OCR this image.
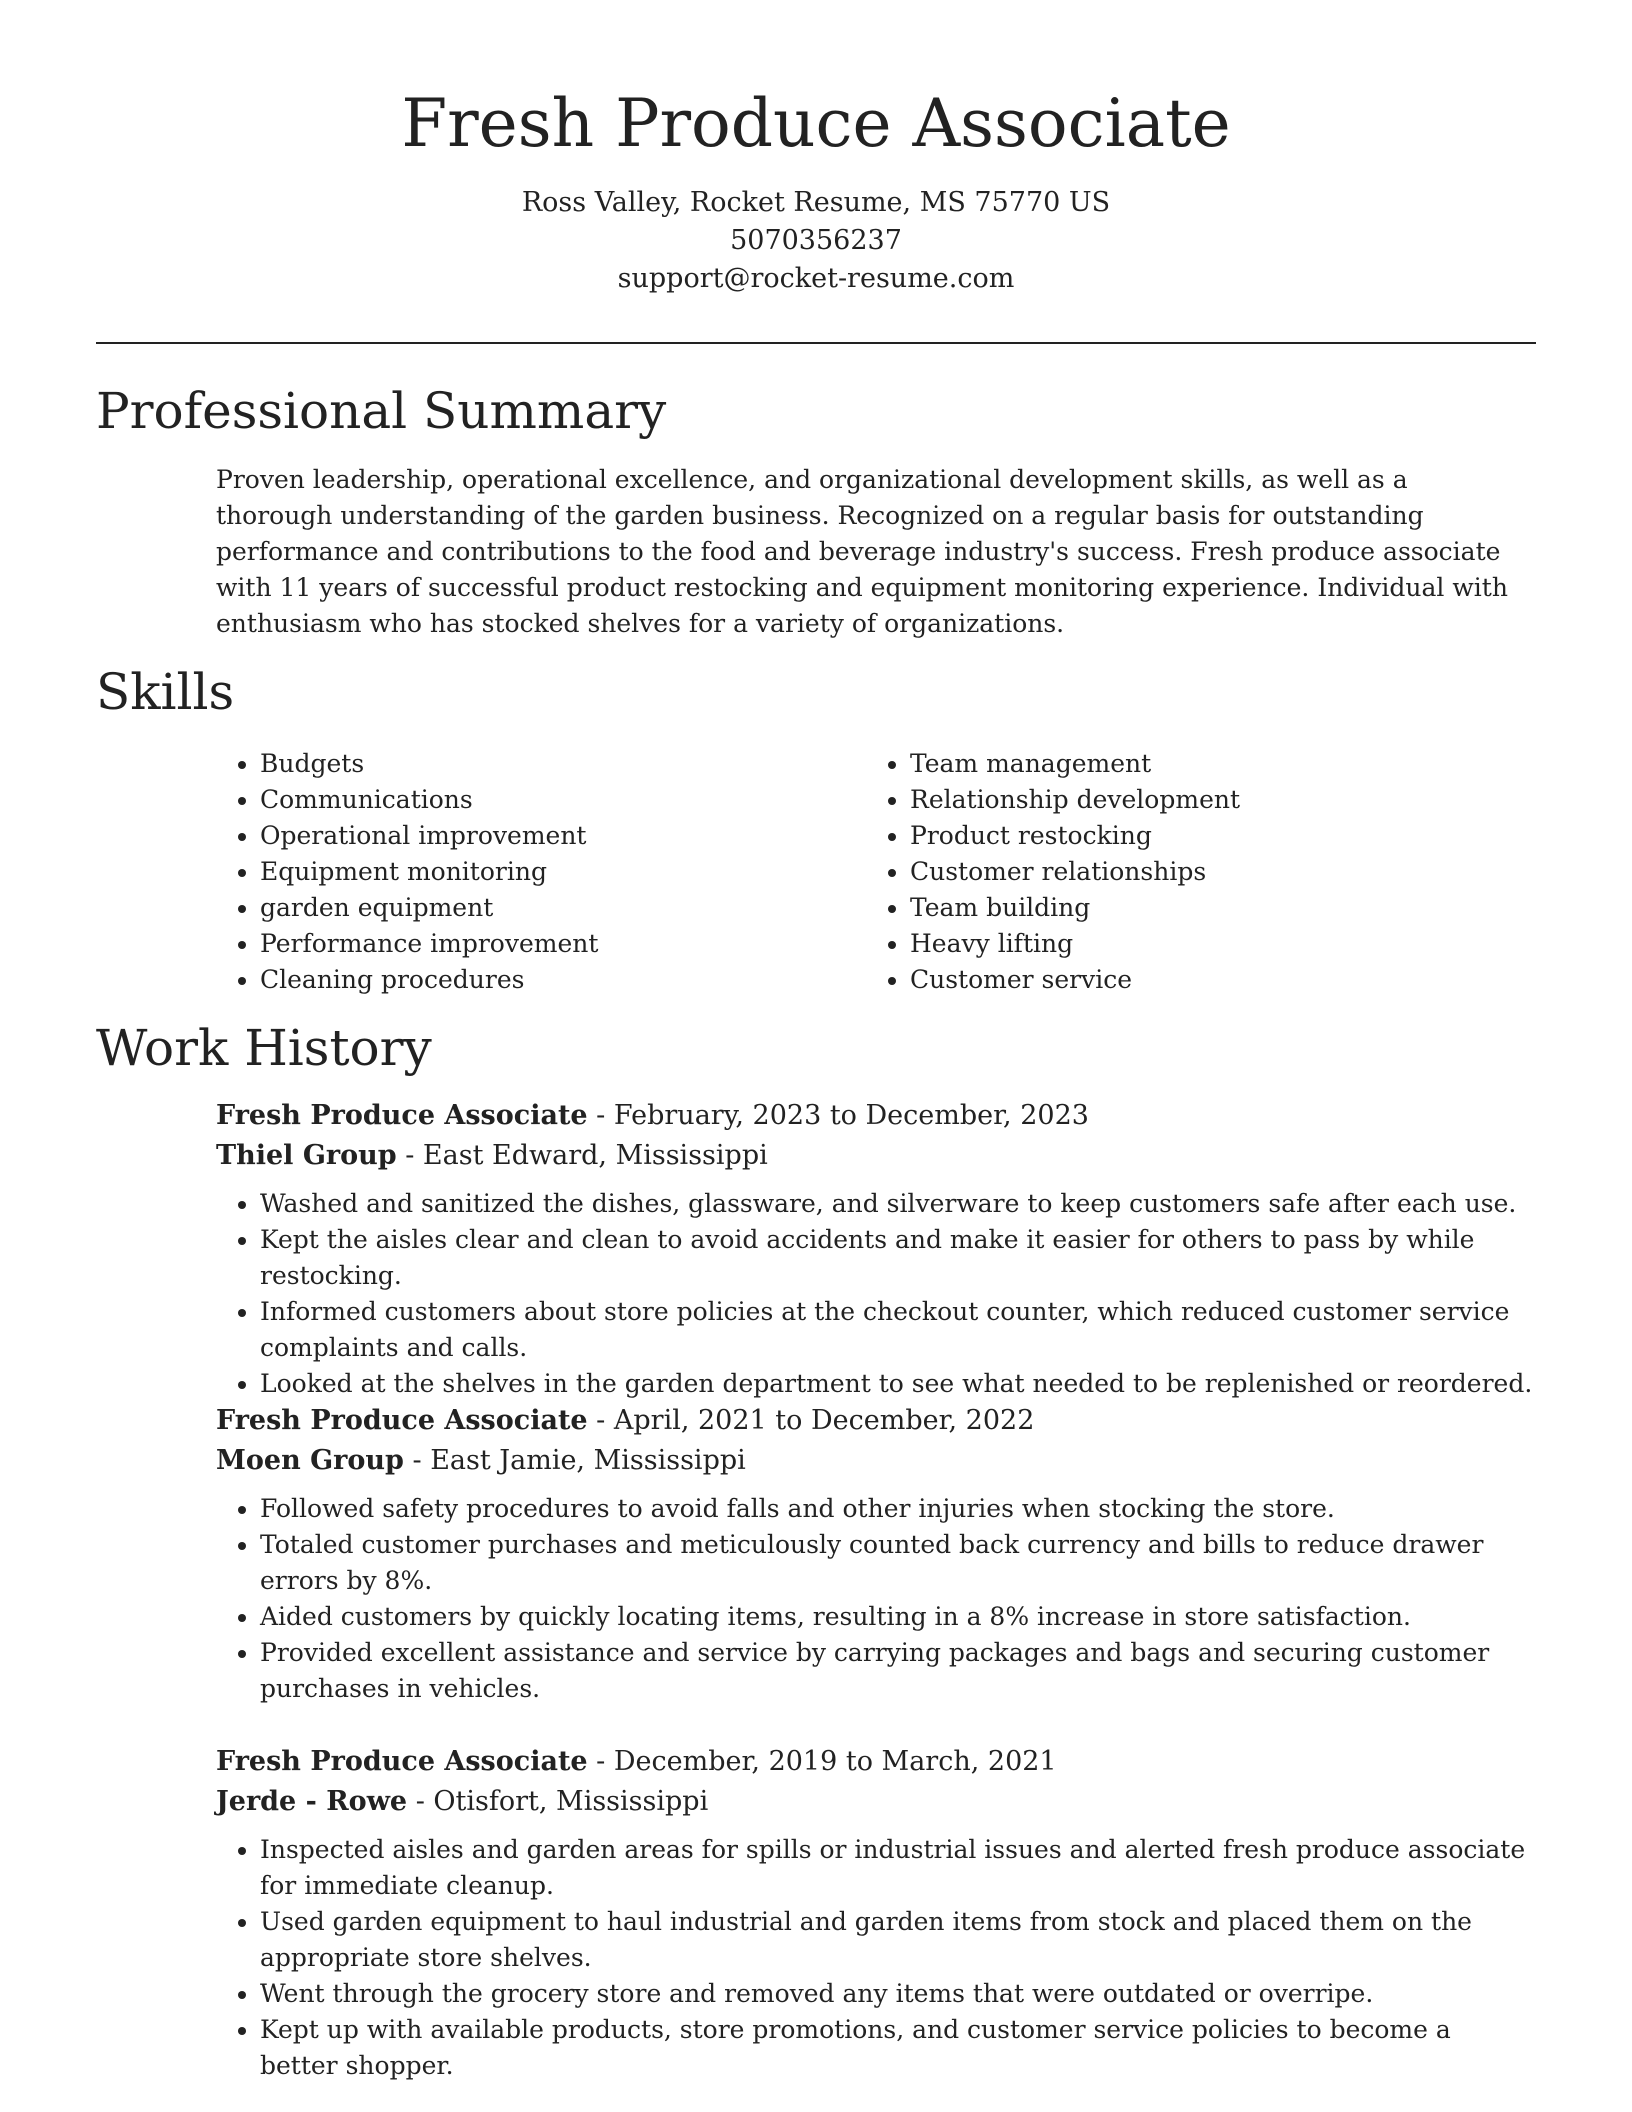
Fresh Produce Associate
Ross Valley, Rocket Resume, MS 75770 US
5070356237
support@rocket-resume.com
Professional Summary

Proven leadership, operational excellence, and organizational development skills, as well as a thorough understanding of the garden business. Recognized on a regular basis for outstanding performance and contributions to the food and beverage industry's success. Fresh produce associate with 11 years of successful product restocking and equipment monitoring experience. Individual with enthusiasm who has stocked shelves for a variety of organizations.

Skills
• Budgets
• Communications
• Operational improvement
• Equipment monitoring
• garden equipment
• Performance improvement
• Cleaning procedures
• Team management
• Relationship development
• Product restocking
• Customer relationships
• Team building
• Heavy lifting
• Customer service
Work History
Fresh Produce Associate - February, 2023 to December, 2023
Thiel Group - East Edward, Mississippi
• Washed and sanitized the dishes, glassware, and silverware to keep customers safe after each use.
• Kept the aisles clear and clean to avoid accidents and make it easier for others to pass by while restocking.
• Informed customers about store policies at the checkout counter, which reduced customer service complaints and calls.
• Looked at the shelves in the garden department to see what needed to be replenished or reordered.
Fresh Produce Associate - April, 2021 to December, 2022
Moen Group - East Jamie, Mississippi
• Followed safety procedures to avoid falls and other injuries when stocking the store.
• Totaled customer purchases and meticulously counted back currency and bills to reduce drawer errors by 8%.
• Aided customers by quickly locating items, resulting in a 8% increase in store satisfaction.
• Provided excellent assistance and service by carrying packages and bags and securing customer purchases in vehicles.
Fresh Produce Associate - December, 2019 to March, 2021
Jerde - Rowe - Otisfort, Mississippi
• Inspected aisles and garden areas for spills or industrial issues and alerted fresh produce associate for immediate cleanup.
• Used garden equipment to haul industrial and garden items from stock and placed them on the appropriate store shelves.
• Went through the grocery store and removed any items that were outdated or overripe.
• Kept up with available products, store promotions, and customer service policies to become a better shopper.
